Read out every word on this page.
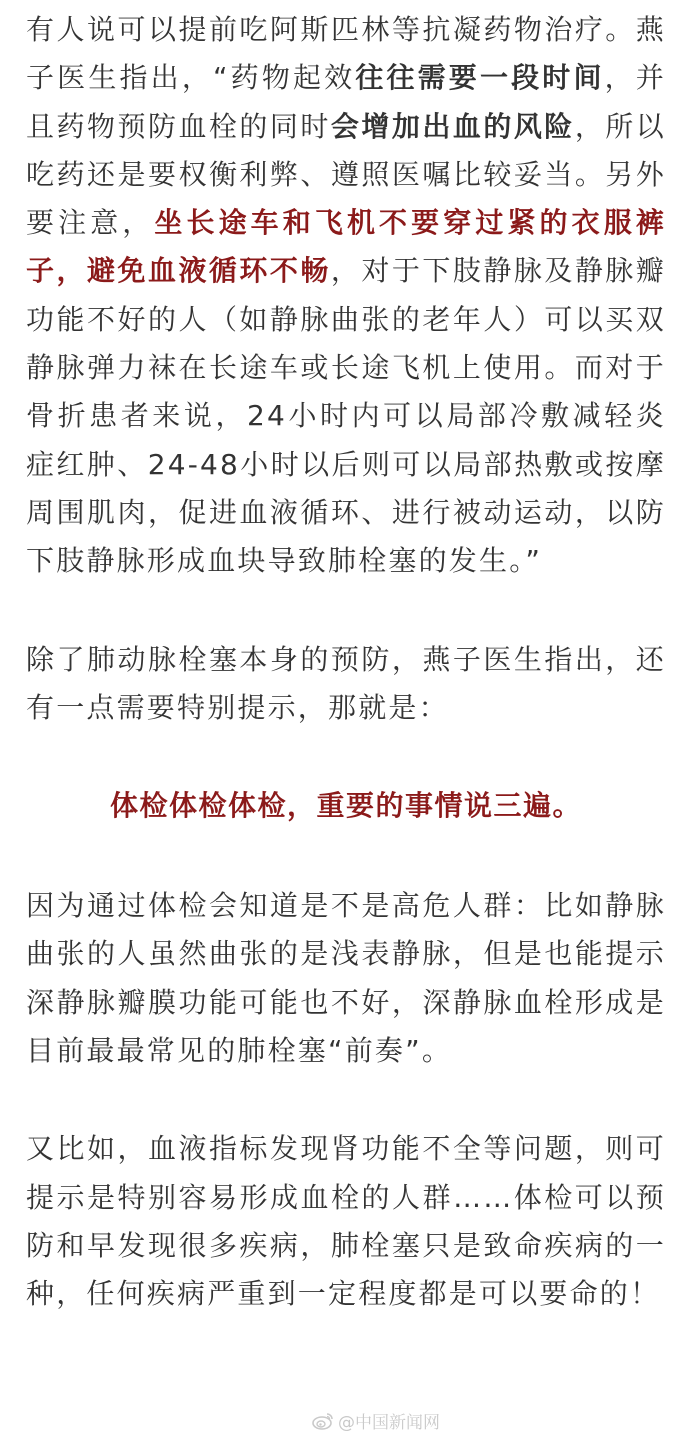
有人说可以提前吃阿斯匹林等抗凝药物治疗。燕子医生指出，“药物起效往往需要一段时间，并且药物预防血栓的同时会增加出血的风险，所以吃药还是要权衡利弊、遵照医嘱比较妥当。另外要注意，坐长途车和飞机不要穿过紧的衣服裤子，避免血液循环不畅，对于下肢静脉及静脉瓣功能不好的人（如静脉曲张的老年人）可以买双静脉弹力袜在长途车或长途飞机上使用。而对于骨折患者来说，24小时内可以局部冷敷减轻炎症红肿、24-48小时以后则可以局部热敷或按摩周围肌肉，促进血液循环、进行被动运动，以防下肢静脉形成血块导致肺栓塞的发生。”

除了肺动脉栓塞本身的预防，燕子医生指出，还有一点需要特别提示，那就是：

体检体检体检，重要的事情说三遍。

因为通过体检会知道是不是高危人群：比如静脉曲张的人虽然曲张的是浅表静脉，但是也能提示深静脉瓣膜功能可能也不好，深静脉血栓形成是目前最最常见的肺栓塞“前奏”。

又比如，血液指标发现肾功能不全等问题，则可提示是特别容易形成血栓的人群……体检可以预防和早发现很多疾病，肺栓塞只是致命疾病的一种，任何疾病严重到一定程度都是可以要命的！

@中国新闻网
